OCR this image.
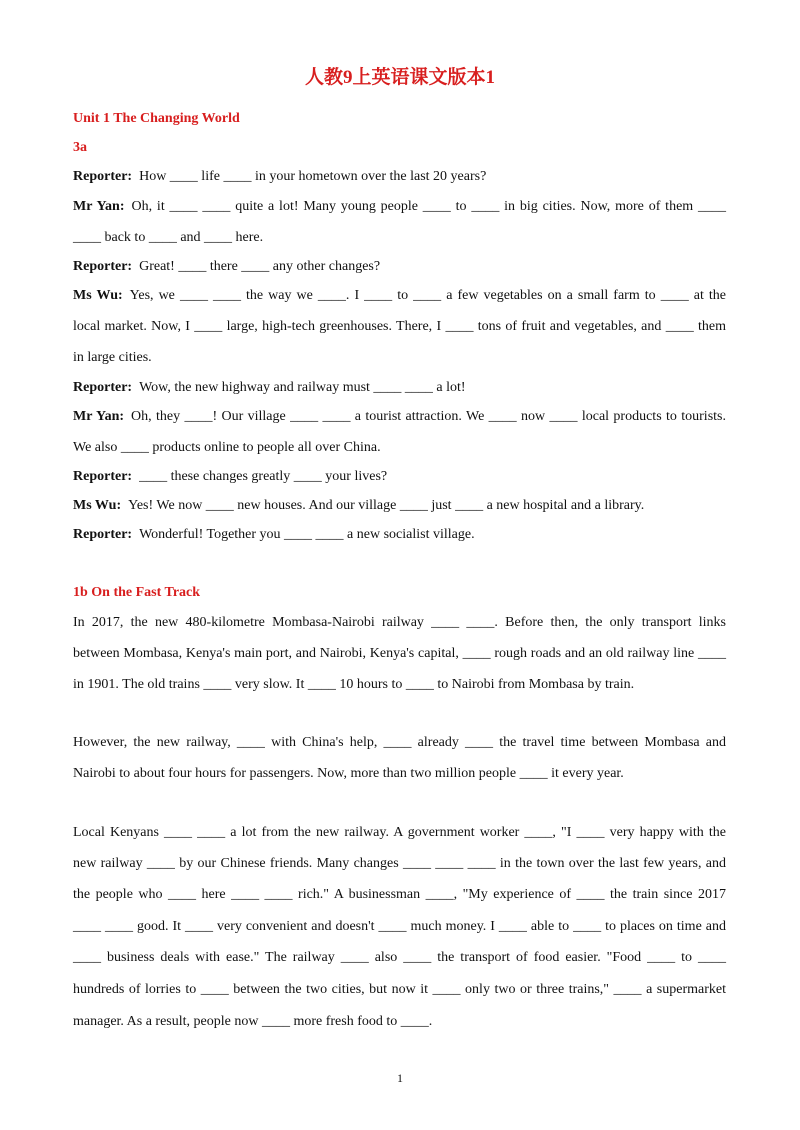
人教9上英语课文版本1
Unit 1 The Changing World
3a
Reporter: How ____ life ____ in your hometown over the last 20 years?
Mr Yan: Oh, it ____ ____ quite a lot! Many young people ____ to ____ in big cities. Now, more of them ____
____ back to ____ and ____ here.
Reporter: Great! ____ there ____ any other changes?
Ms Wu: Yes, we ____ ____ the way we ____. I ____ to ____ a few vegetables on a small farm to ____ at the
local market. Now, I ____ large, high-tech greenhouses. There, I ____ tons of fruit and vegetables, and ____ them
in large cities.
Reporter: Wow, the new highway and railway must ____ ____ a lot!
Mr Yan: Oh, they ____! Our village ____ ____ a tourist attraction. We ____ now ____ local products to tourists.
We also ____ products online to people all over China.
Reporter: ____ these changes greatly ____ your lives?
Ms Wu: Yes! We now ____ new houses. And our village ____ just ____ a new hospital and a library.
Reporter: Wonderful! Together you ____ ____ a new socialist village.
1b On the Fast Track
In 2017, the new 480-kilometre Mombasa-Nairobi railway ____ ____. Before then, the only transport links
between Mombasa, Kenya's main port, and Nairobi, Kenya's capital, ____ rough roads and an old railway line ____
in 1901. The old trains ____ very slow. It ____ 10 hours to ____ to Nairobi from Mombasa by train.
However, the new railway, ____ with China's help, ____ already ____ the travel time between Mombasa and
Nairobi to about four hours for passengers. Now, more than two million people ____ it every year.
Local Kenyans ____ ____ a lot from the new railway. A government worker ____, "I ____ very happy with the
new railway ____ by our Chinese friends. Many changes ____ ____ ____ in the town over the last few years, and
the people who ____ here ____ ____ rich." A businessman ____, "My experience of ____ the train since 2017
____ ____ good. It ____ very convenient and doesn't ____ much money. I ____ able to ____ to places on time and
____ business deals with ease." The railway ____ also ____ the transport of food easier. "Food ____ to ____
hundreds of lorries to ____ between the two cities, but now it ____ only two or three trains," ____ a supermarket
manager. As a result, people now ____ more fresh food to ____.
1
